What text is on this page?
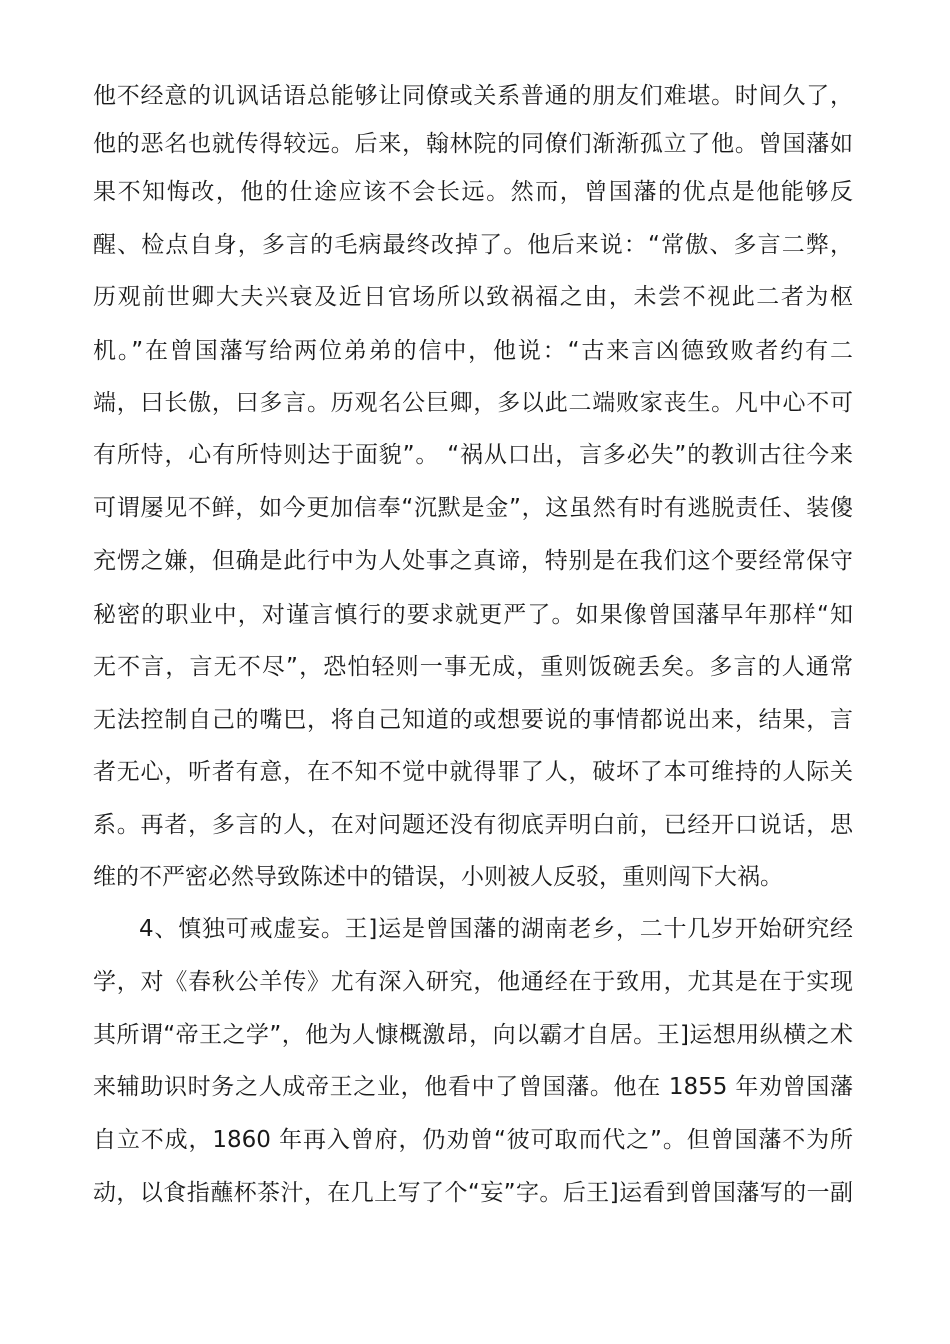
他不经意的讥讽话语总能够让同僚或关系普通的朋友们难堪。时间久了，
他的恶名也就传得较远。后来，翰林院的同僚们渐渐孤立了他。曾国藩如
果不知悔改，他的仕途应该不会长远。然而，曾国藩的优点是他能够反
醒、检点自身，多言的毛病最终改掉了。他后来说：“常傲、多言二弊，
历观前世卿大夫兴衰及近日官场所以致祸福之由，未尝不视此二者为枢
机。”在曾国藩写给两位弟弟的信中，他说：“古来言凶德致败者约有二
端，曰长傲，曰多言。历观名公巨卿，多以此二端败家丧生。凡中心不可
有所恃，心有所恃则达于面貌”。 “祸从口出，言多必失”的教训古往今来
可谓屡见不鲜，如今更加信奉“沉默是金”，这虽然有时有逃脱责任、装傻
充愣之嫌，但确是此行中为人处事之真谛，特别是在我们这个要经常保守
秘密的职业中，对谨言慎行的要求就更严了。如果像曾国藩早年那样“知
无不言，言无不尽”，恐怕轻则一事无成，重则饭碗丢矣。多言的人通常
无法控制自己的嘴巴，将自己知道的或想要说的事情都说出来，结果，言
者无心，听者有意，在不知不觉中就得罪了人，破坏了本可维持的人际关
系。再者，多言的人，在对问题还没有彻底弄明白前，已经开口说话，思
维的不严密必然导致陈述中的错误，小则被人反驳，重则闯下大祸。
4、慎独可戒虚妄。王]运是曾国藩的湖南老乡，二十几岁开始研究经
学，对《春秋公羊传》尤有深入研究，他通经在于致用，尤其是在于实现
其所谓“帝王之学”，他为人慷概激昂，向以霸才自居。王]运想用纵横之术
来辅助识时务之人成帝王之业，他看中了曾国藩。他在 1855 年劝曾国藩
自立不成，1860 年再入曾府，仍劝曾“彼可取而代之”。但曾国藩不为所
动，以食指蘸杯茶汁，在几上写了个“妄”字。后王]运看到曾国藩写的一副
